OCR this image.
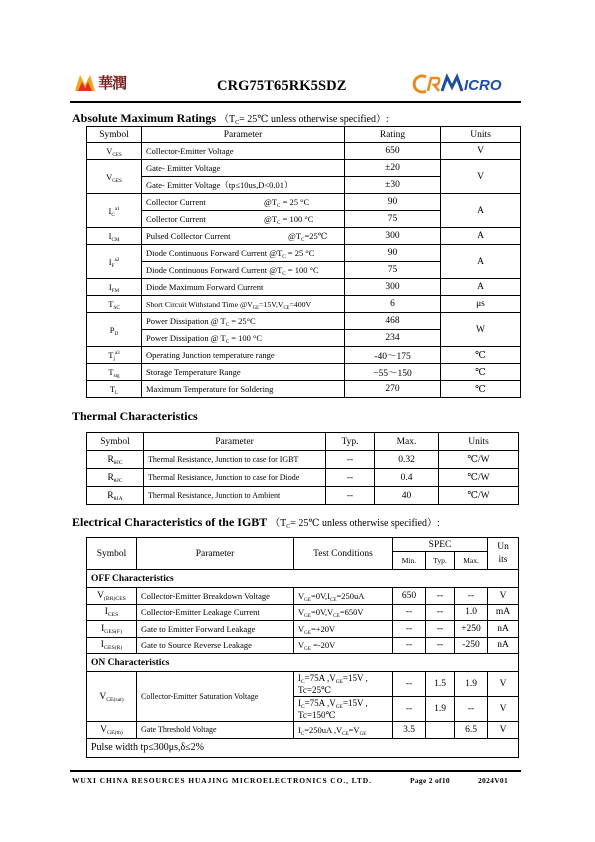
華潤	CRG75T65RK5SDZ	ICRO
Absolute Maximum Ratings （$T_C=$ 25℃ unless otherwise specified）:
Symbol	Parameter	Rating	Units
$V_{CES}$	Collector-Emitter Voltage	650	V
$V_{GES}$	Gate- Emitter Voltage	±20	V
	Gate- Emitter Voltage（tp≤10us,D<0.01）	±30	
$I_C^{a1}$	Collector Current $@T_C = 25$ °C	90	A
	Collector Current $@T_C = 100$ °C	75	
$I_{CM}$	Pulsed Collector Current $@T_C=25℃$	300	A
$I_F^{a2}$	Diode Continuous Forward Current $@T_C = 25$ °C	90	A
	Diode Continuous Forward Current $@T_C = 100$ °C	75	
$I_{FM}$	Diode Maximum Forward Current	300	A
$T_{SC}$	Short Circuit Withstand Time $@V_{GE}=15V,V_{CE}=400V$	6	μs
$P_D$	Power Dissipation @ $T_C = 25^\circ C$	468	W
	Power Dissipation @ $T_C = 100$ °C	234	
$T_j^{a3}$	Operating Junction temperature range	-40～175	℃
$T_{stg}$	Storage Temperature Range	−55～150	℃
$T_L$	Maximum Temperature for Soldering	270	℃
Thermal Characteristics
Symbol	Parameter	Typ.	Max.	Units
$R_{\theta JC}$	Thermal Resistance, Junction to case for IGBT	--	0.32	℃/W
$R_{\theta JC}$	Thermal Resistance, Junction to case for Diode	--	0.4	℃/W
$R_{\theta JA}$	Thermal Resistance, Junction to Ambient	--	40	℃/W
Electrical Characteristics of the IGBT （$T_C=$ 25℃ unless otherwise specified）:
Symbol	Parameter	Test Conditions	SPEC			Un its
			Min.	Typ.	Max.	
OFF Characteristics						
$V_{(BR)CES}$	Collector-Emitter Breakdown Voltage	$V_{GE}=0V,I_{CE}=250uA$	650	--	--	V
$I_{CES}$	Collector-Emitter Leakage Current	$V_{GE}=0V,V_{CE}=650V$	--	--	1.0	mA
$I_{GES(F)}$	Gate to Emitter Forward Leakage	$V_{GE}=+20V$	--	--	+250	nA
$I_{GES(R)}$	Gate to Source Reverse Leakage	$V_{GE} =-20V$	--	--	-250	nA
ON Characteristics						
$V_{CE(sat)}$	Collector-Emitter Saturation Voltage	$I_C=75A$ $,V_{GE}=15V$ ,
Tc=25℃	--	1.5	1.9	V
		$I_C=75A$ $,V_{GE}=15V$ ,
Tc=150℃	--	1.9	--	V
$V_{GE(th)}$	Gate Threshold Voltage	$I_C=250uA$ $,V_{CE}=V_{GE}$	3.5		6.5	V
Pulse width tp≤300μs,δ≤2%						
WUXI CHINA RESOURCES HUAJING MICROELECTRONICS CO., LTD.	Page 2 of10	2024V01
